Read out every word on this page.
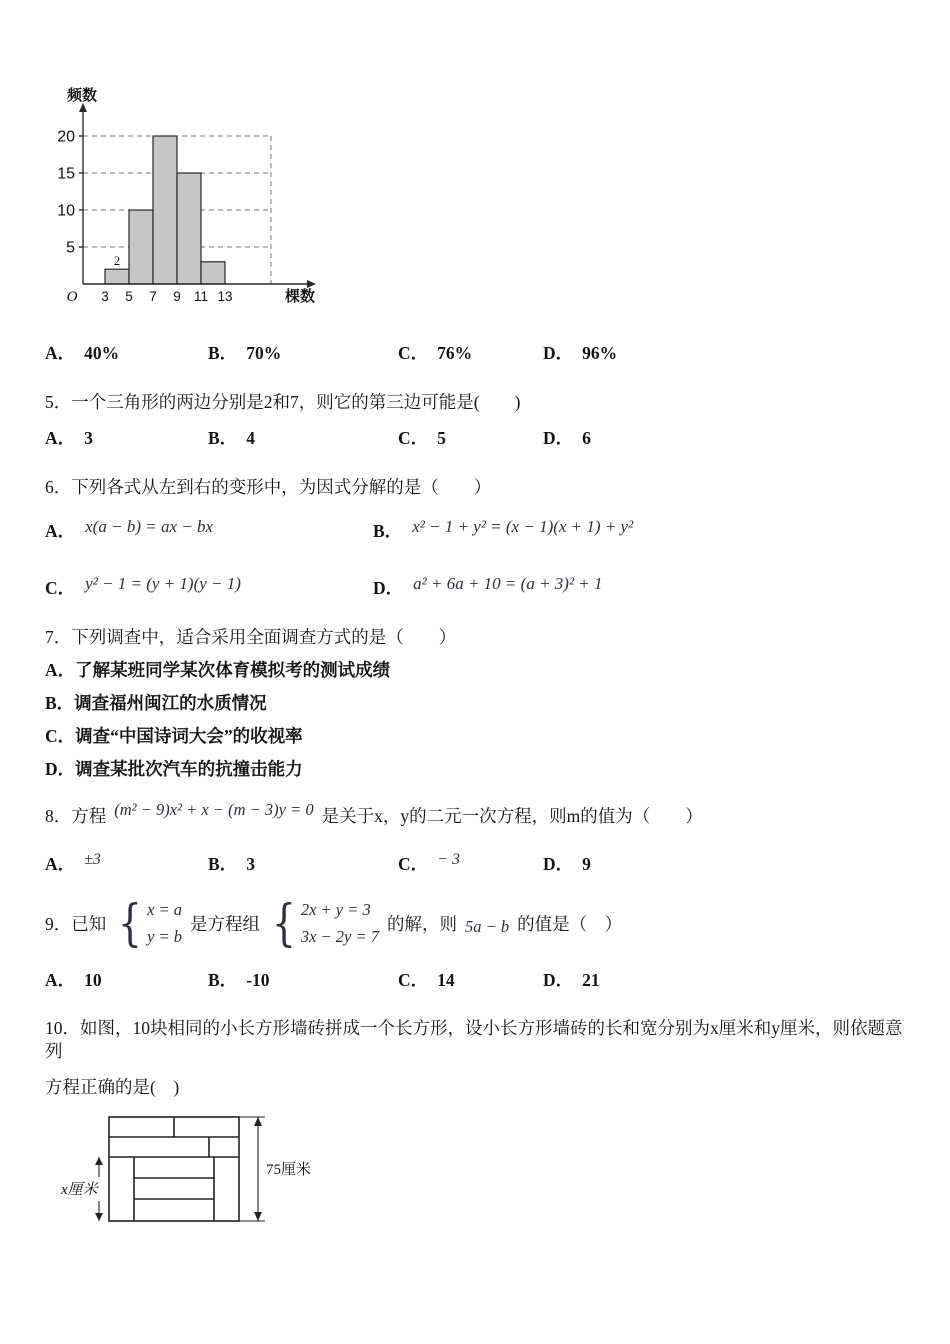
2
5
10
15
20
3 5 7 9 11 13
O
频数
棵数
A． 40%	B． 70%	C． 76%	D． 96%
5．一个三角形的两边分别是2和7，则它的第三边可能是(　　)
A． 3	B． 4	C． 5	D． 6
6．下列各式从左到右的变形中，为因式分解的是（　　）
A． x(a − b) = ax − bx	B． x² − 1 + y² = (x − 1)(x + 1) + y²
C． y² − 1 = (y + 1)(y − 1)	D． a² + 6a + 10 = (a + 3)² + 1
7．下列调查中，适合采用全面调查方式的是（　　）
A．了解某班同学某次体育模拟考的测试成绩
B．调查福州闽江的水质情况
C．调查“中国诗词大会”的收视率
D．调查某批次汽车的抗撞击能力
8．方程 (m² − 9)x² + x − (m − 3)y = 0 是关于x，y的二元一次方程，则m的值为（　　）
A． ±3	B． 3	C． − 3	D． 9
9．已知 { x = a
y = b
是方程组 { 2x + y = 3
3x − 2y = 7
的解，则 5a − b 的值是（　）
A． 10	B． -10	C． 14	D． 21
10．如图，10块相同的小长方形墙砖拼成一个长方形，设小长方形墙砖的长和宽分别为x厘米和y厘米，则依题意列
方程正确的是(　)
75厘米
x厘米
